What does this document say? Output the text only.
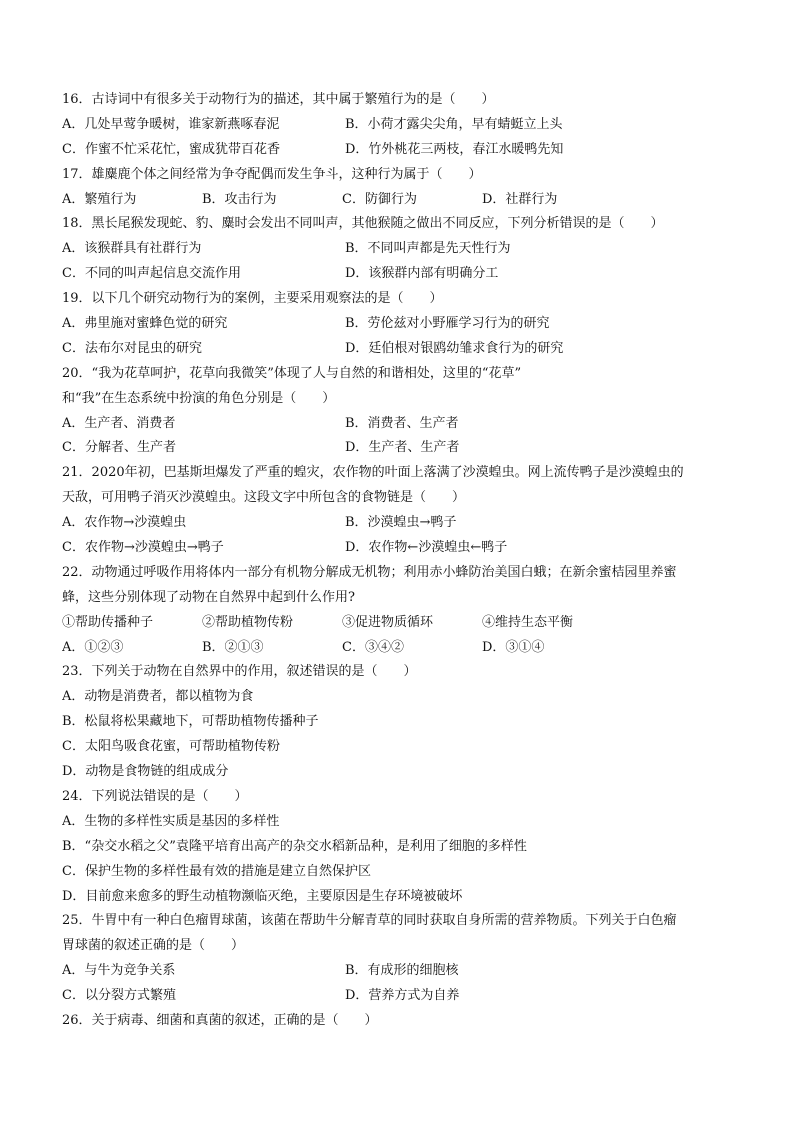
16．古诗词中有很多关于动物行为的描述，其中属于繁殖行为的是（　　）
A．几处早莺争暖树，谁家新燕啄春泥	B．小荷才露尖尖角，早有蜻蜓立上头
C．作蜜不忙采花忙，蜜成犹带百花香	D．竹外桃花三两枝，春江水暖鸭先知
17．雄麋鹿个体之间经常为争夺配偶而发生争斗，这种行为属于（　　）
A．繁殖行为	B．攻击行为	C．防御行为	D．社群行为
18．黑长尾猴发现蛇、豹、麋时会发出不同叫声，其他猴随之做出不同反应，下列分析错误的是（　　）
A．该猴群具有社群行为	B．不同叫声都是先天性行为
C．不同的叫声起信息交流作用	D．该猴群内部有明确分工
19．以下几个研究动物行为的案例，主要采用观察法的是（　　）
A．弗里施对蜜蜂色觉的研究	B．劳伦兹对小野雁学习行为的研究
C．法布尔对昆虫的研究	D．廷伯根对银鸥幼雏求食行为的研究
20．“我为花草呵护，花草向我微笑”体现了人与自然的和谐相处，这里的“花草”
和“我”在生态系统中扮演的角色分别是（　　）
A．生产者、消费者	B．消费者、生产者
C．分解者、生产者	D．生产者、生产者
21．2020年初，巴基斯坦爆发了严重的蝗灾，农作物的叶面上落满了沙漠蝗虫。网上流传鸭子是沙漠蝗虫的
天敌，可用鸭子消灭沙漠蝗虫。这段文字中所包含的食物链是（　　）
A．农作物→沙漠蝗虫	B．沙漠蝗虫→鸭子
C．农作物→沙漠蝗虫→鸭子	D．农作物←沙漠蝗虫←鸭子
22．动物通过呼吸作用将体内一部分有机物分解成无机物；利用赤小蜂防治美国白蛾；在新余蜜桔园里养蜜
蜂，这些分别体现了动物在自然界中起到什么作用?
①帮助传播种子	②帮助植物传粉	③促进物质循环	④维持生态平衡
A．①②③	B．②①③	C．③④②	D．③①④
23．下列关于动物在自然界中的作用，叙述错误的是（　　）
A．动物是消费者，都以植物为食
B．松鼠将松果藏地下，可帮助植物传播种子
C．太阳鸟吸食花蜜，可帮助植物传粉
D．动物是食物链的组成成分
24．下列说法错误的是（　　）
A．生物的多样性实质是基因的多样性
B．“杂交水稻之父”袁隆平培育出高产的杂交水稻新品种，是利用了细胞的多样性
C．保护生物的多样性最有效的措施是建立自然保护区
D．目前愈来愈多的野生动植物濒临灭绝，主要原因是生存环境被破坏
25．牛胃中有一种白色瘤胃球菌，该菌在帮助牛分解青草的同时获取自身所需的营养物质。下列关于白色瘤
胃球菌的叙述正确的是（　　）
A．与牛为竞争关系	B．有成形的细胞核
C．以分裂方式繁殖	D．营养方式为自养
26．关于病毒、细菌和真菌的叙述，正确的是（　　）
